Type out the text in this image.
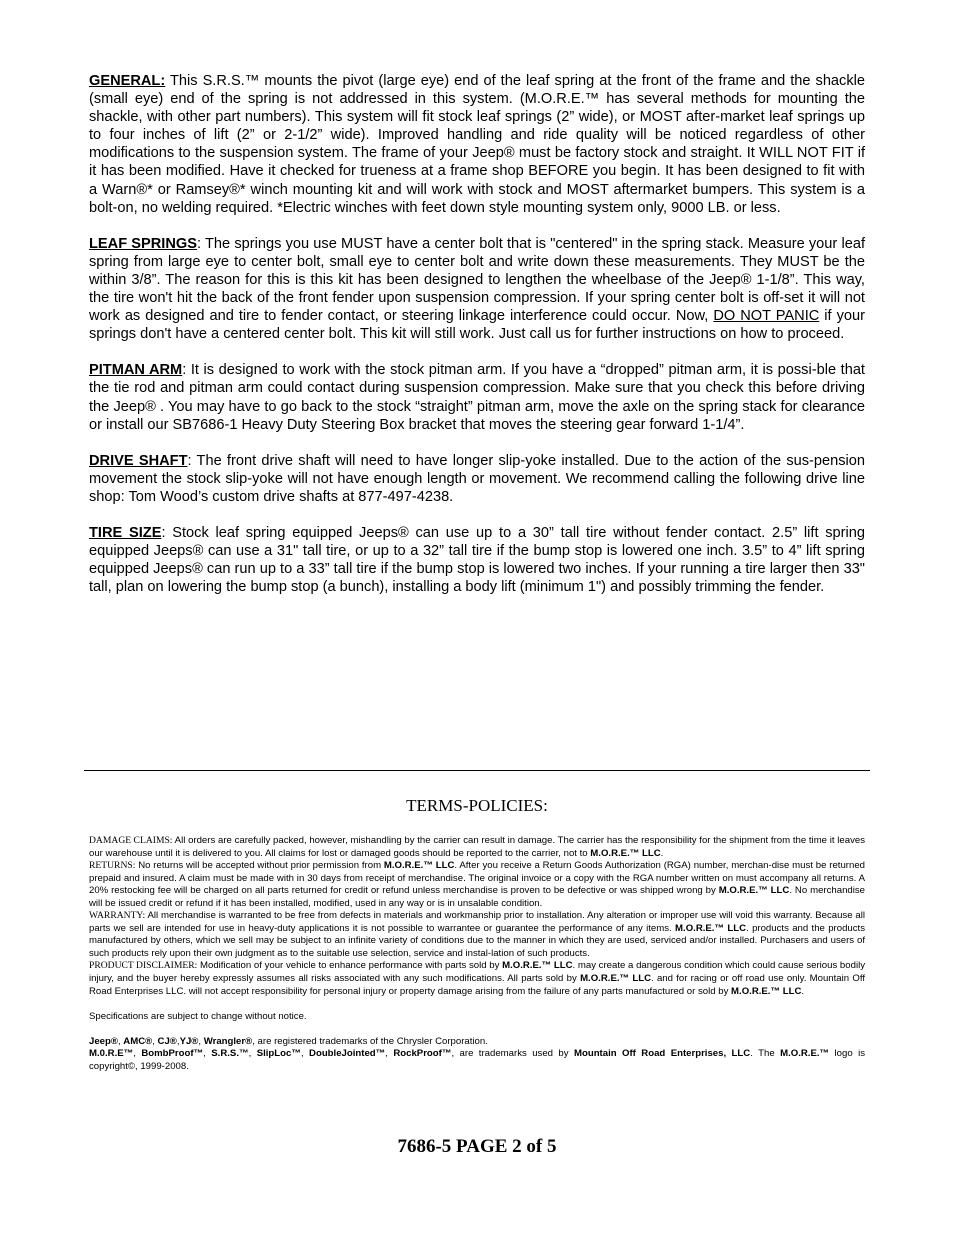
GENERAL: This S.R.S.™ mounts the pivot (large eye) end of the leaf spring at the front of the frame and the shackle (small eye) end of the spring is not addressed in this system. (M.O.R.E.™ has several methods for mounting the shackle, with other part numbers). This system will fit stock leaf springs (2” wide), or MOST after-market leaf springs up to four inches of lift (2” or 2-1/2” wide). Improved handling and ride quality will be noticed regardless of other modifications to the suspension system. The frame of your Jeep® must be factory stock and straight. It WILL NOT FIT if it has been modified. Have it checked for trueness at a frame shop BEFORE you begin. It has been designed to fit with a Warn®* or Ramsey®* winch mounting kit and will work with stock and MOST aftermarket bumpers. This system is a bolt-on, no welding required. *Electric winches with feet down style mounting system only, 9000 LB. or less.

LEAF SPRINGS: The springs you use MUST have a center bolt that is "centered" in the spring stack. Measure your leaf spring from large eye to center bolt, small eye to center bolt and write down these measurements. They MUST be the within 3/8”. The reason for this is this kit has been designed to lengthen the wheelbase of the Jeep® 1-1/8”. This way, the tire won't hit the back of the front fender upon suspension compression. If your spring center bolt is off-set it will not work as designed and tire to fender contact, or steering linkage interference could occur. Now, DO NOT PANIC if your springs don't have a centered center bolt. This kit will still work. Just call us for further instructions on how to proceed.

PITMAN ARM: It is designed to work with the stock pitman arm. If you have a “dropped” pitman arm, it is possi-ble that the tie rod and pitman arm could contact during suspension compression. Make sure that you check this before driving the Jeep® . You may have to go back to the stock “straight” pitman arm, move the axle on the spring stack for clearance or install our SB7686-1 Heavy Duty Steering Box bracket that moves the steering gear forward 1-1/4”.

DRIVE SHAFT: The front drive shaft will need to have longer slip-yoke installed. Due to the action of the sus-pension movement the stock slip-yoke will not have enough length or movement. We recommend calling the following drive line shop: Tom Wood’s custom drive shafts at 877-497-4238.

TIRE SIZE: Stock leaf spring equipped Jeeps® can use up to a 30” tall tire without fender contact. 2.5” lift spring equipped Jeeps® can use a 31" tall tire, or up to a 32” tall tire if the bump stop is lowered one inch. 3.5” to 4” lift spring equipped Jeeps® can run up to a 33” tall tire if the bump stop is lowered two inches. If your running a tire larger then 33" tall, plan on lowering the bump stop (a bunch), installing a body lift (minimum 1") and possibly trimming the fender.

TERMS-POLICIES:

DAMAGE CLAIMS: All orders are carefully packed, however, mishandling by the carrier can result in damage. The carrier has the responsibility for the shipment from the time it leaves our warehouse until it is delivered to you. All claims for lost or damaged goods should be reported to the carrier, not to M.O.R.E.™ LLC.

RETURNS: No returns will be accepted without prior permission from M.O.R.E.™ LLC. After you receive a Return Goods Authorization (RGA) number, merchan-dise must be returned prepaid and insured. A claim must be made with in 30 days from receipt of merchandise. The original invoice or a copy with the RGA number written on must accompany all returns. A 20% restocking fee will be charged on all parts returned for credit or refund unless merchandise is proven to be defective or was shipped wrong by M.O.R.E.™ LLC. No merchandise will be issued credit or refund if it has been installed, modified, used in any way or is in unsalable condition.

WARRANTY: All merchandise is warranted to be free from defects in materials and workmanship prior to installation. Any alteration or improper use will void this warranty. Because all parts we sell are intended for use in heavy-duty applications it is not possible to warrantee or guarantee the performance of any items. M.O.R.E.™ LLC. products and the products manufactured by others, which we sell may be subject to an infinite variety of conditions due to the manner in which they are used, serviced and/or installed. Purchasers and users of such products rely upon their own judgment as to the suitable use selection, service and instal-lation of such products.

PRODUCT DISCLAIMER: Modification of your vehicle to enhance performance with parts sold by M.O.R.E.™ LLC. may create a dangerous condition which could cause serious bodily injury, and the buyer hereby expressly assumes all risks associated with any such modifications. All parts sold by M.O.R.E.™ LLC. and for racing or off road use only. Mountain Off Road Enterprises LLC. will not accept responsibility for personal injury or property damage arising from the failure of any parts manufactured or sold by M.O.R.E.™ LLC.

Specifications are subject to change without notice.

Jeep®, AMC®, CJ®,YJ®, Wrangler®, are registered trademarks of the Chrysler Corporation.

M.0.R.E™, BombProof™, S.R.S.™, SlipLoc™, DoubleJointed™, RockProof™, are trademarks used by Mountain Off Road Enterprises, LLC. The M.O.R.E.™ logo is copyright©, 1999-2008.

7686-5 PAGE 2 of 5
